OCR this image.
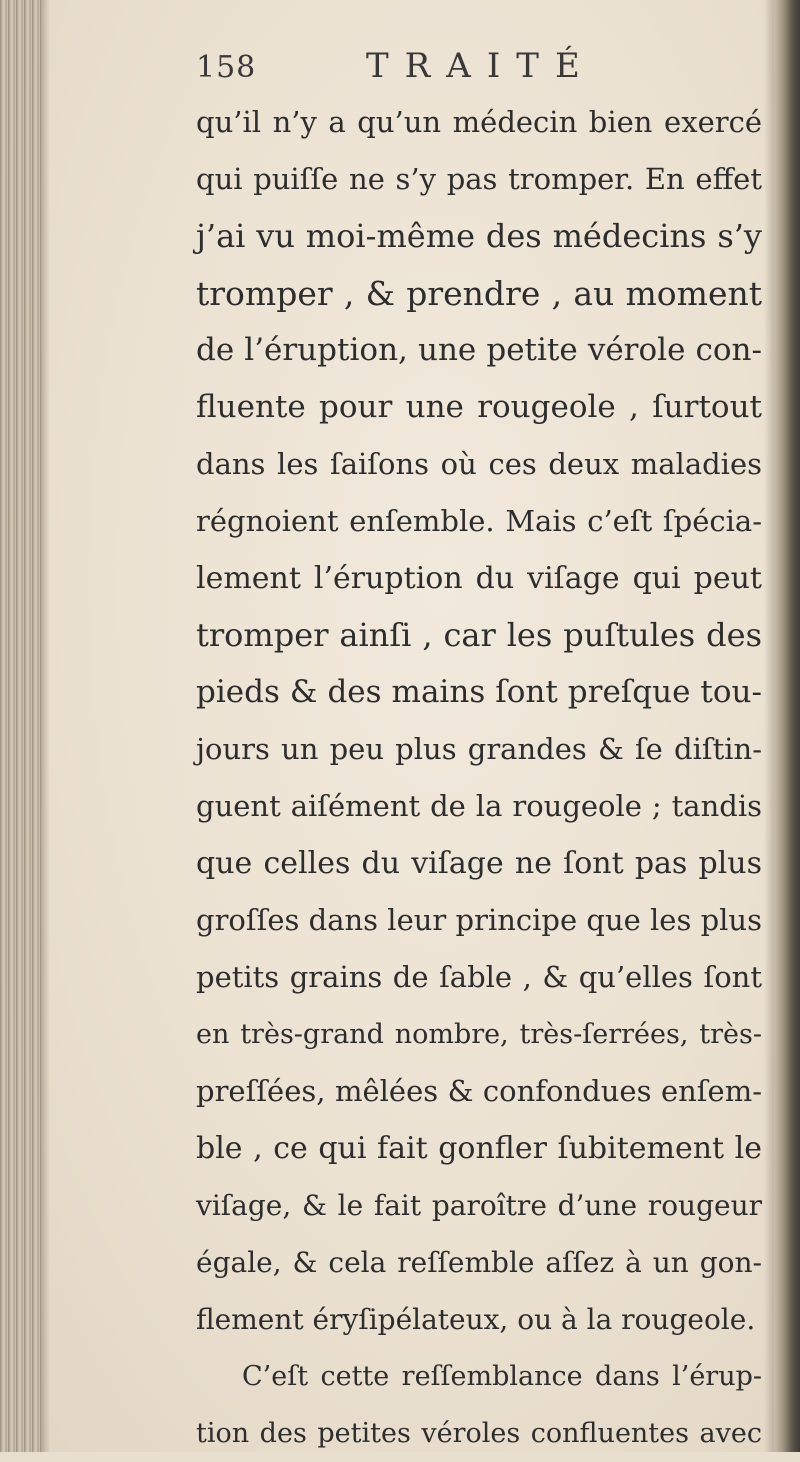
158	TRAITÉ
qu’il n’y a qu’un médecin bien exercé
qui puiſſe ne s’y pas tromper. En effet
j’ai vu moi-même des médecins s’y
tromper , & prendre , au moment
de l’éruption, une petite vérole con-
fluente pour une rougeole , ſurtout
dans les ſaiſons où ces deux maladies
régnoient enſemble. Mais c’eſt ſpécia-
lement l’éruption du viſage qui peut
tromper ainſi , car les puſtules des
pieds & des mains ſont preſque tou-
jours un peu plus grandes & ſe diſtin-
guent aiſément de la rougeole ; tandis
que celles du viſage ne ſont pas plus
groſſes dans leur principe que les plus
petits grains de ſable , & qu’elles ſont
en très-grand nombre, très-ſerrées, très-
preſſées, mêlées & confondues enſem-
ble , ce qui fait gonfler ſubitement le
viſage, & le fait paroître d’une rougeur
égale, & cela reſſemble aſſez à un gon-
flement éryſipélateux, ou à la rougeole.
C’eſt cette reſſemblance dans l’érup-
tion des petites véroles confluentes avec
